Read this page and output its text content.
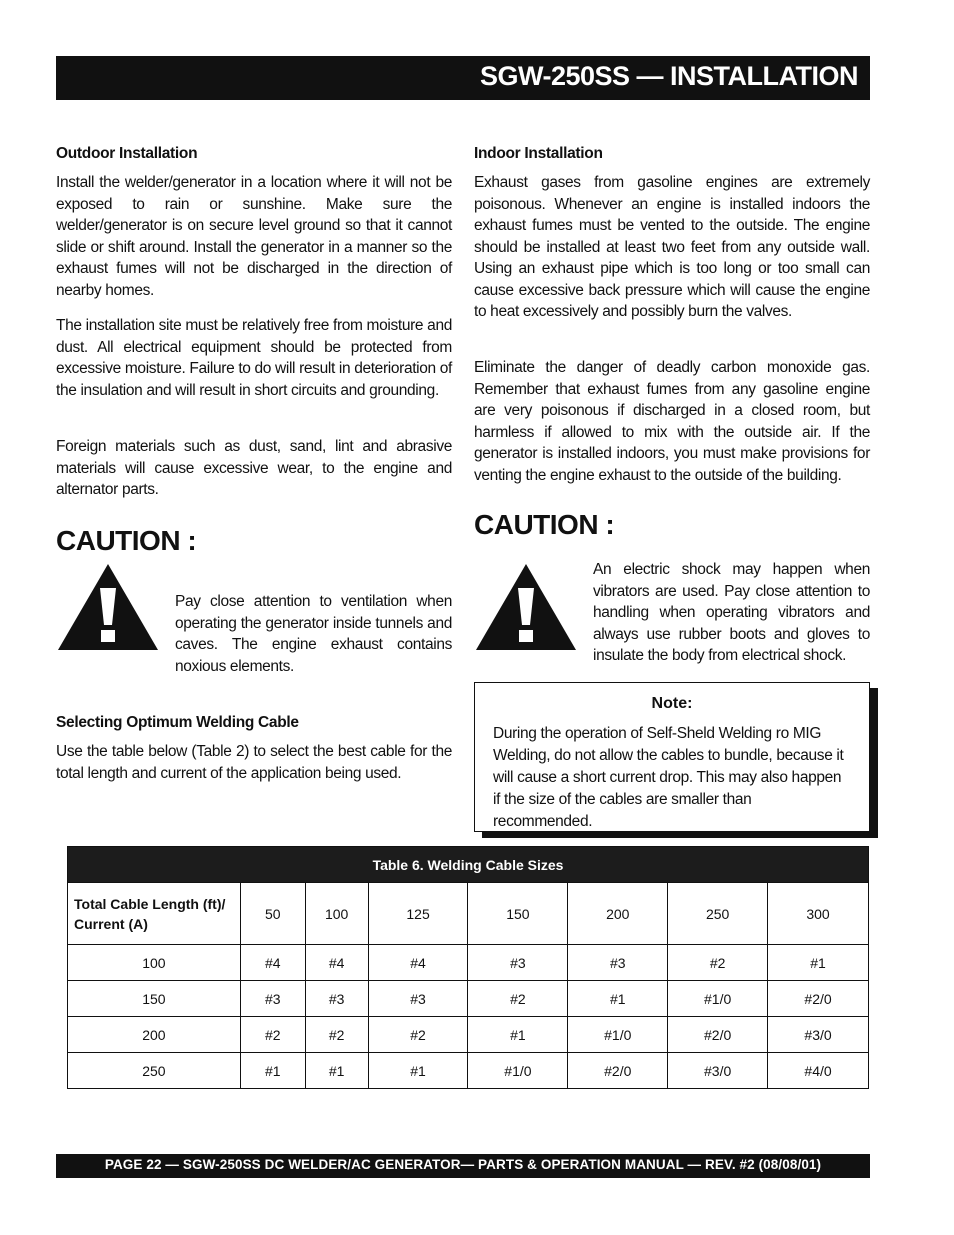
SGW-250SS — INSTALLATION
Outdoor Installation
Install the welder/generator in a location where it will not be exposed to rain or sunshine. Make sure the welder/generator is on secure level ground so that it cannot slide or shift around. Install the generator in a manner so the exhaust fumes will not be discharged in the direction of nearby homes.
The installation site must be relatively free from moisture and dust. All electrical equipment should be protected from excessive moisture. Failure to do will result in deterioration of the insulation and will result in short circuits and grounding.
Foreign materials such as dust, sand, lint and abrasive materials will cause excessive wear, to the engine and alternator parts.
CAUTION :
Pay close attention to ventilation when operating the generator inside tunnels and caves. The engine exhaust contains noxious elements.
Selecting Optimum Welding Cable
Use the table below (Table 2) to select the best cable for the total length and current of the application being used.
Indoor Installation
Exhaust gases from gasoline engines are extremely poisonous. Whenever an engine is installed indoors the exhaust fumes must be vented to the outside. The engine should be installed at least two feet from any outside wall. Using an exhaust pipe which is too long or too small can cause excessive back pressure which will cause the engine to heat excessively and possibly burn the valves.
Eliminate the danger of deadly carbon monoxide gas. Remember that exhaust fumes from any gasoline engine are very poisonous if discharged in a closed room, but harmless if allowed to mix with the outside air. If the generator is installed indoors, you must make provisions for venting the engine exhaust to the outside of the building.
CAUTION :
An electric shock may happen when vibrators are used. Pay close attention to handling when operating vibrators and always use rubber boots and gloves to insulate the body from electrical shock.
Note:
During the operation of Self-Sheld Welding ro MIG Welding, do not allow the cables to bundle, because it will cause a short current drop. This may also happen if the size of the cables are smaller than recommended.
Table 6. Welding Cable Sizes							
Total Cable Length (ft)/ Current (A)	50	100	125	150	200	250	300
100	#4	#4	#4	#3	#3	#2	#1
150	#3	#3	#3	#2	#1	#1/0	#2/0
200	#2	#2	#2	#1	#1/0	#2/0	#3/0
250	#1	#1	#1	#1/0	#2/0	#3/0	#4/0
PAGE 22 — SGW-250SS DC WELDER/AC GENERATOR— PARTS & OPERATION MANUAL — REV. #2 (08/08/01)
